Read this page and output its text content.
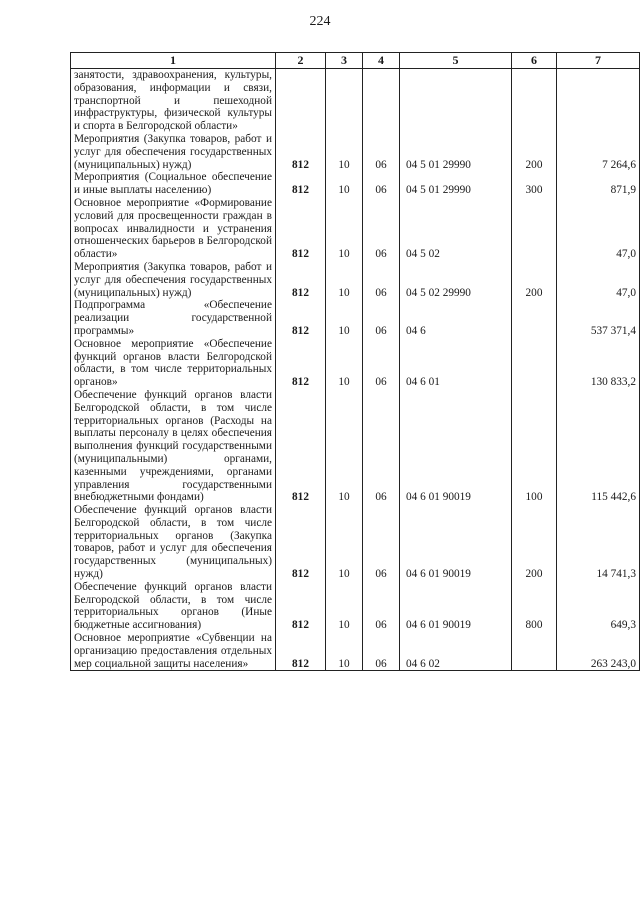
224
1	2	3	4	5	6	7
занятости, здравоохранения, культуры, образования, информации и связи, транспортной и пешеходной инфраструктуры, физической культуры и спорта в Белгородской области»						
Мероприятия (Закупка товаров, работ и услуг для обеспечения государственных (муниципальных) нужд)	812	10	06	04 5 01 29990	200	7 264,6
Мероприятия (Социальное обеспечение и иные выплаты населению)	812	10	06	04 5 01 29990	300	871,9
Основное мероприятие «Формирование условий для просвещенности граждан в вопросах инвалидности и устранения отношенческих барьеров в Белгородской области»	812	10	06	04 5 02		47,0
Мероприятия (Закупка товаров, работ и услуг для обеспечения государственных (муниципальных) нужд)	812	10	06	04 5 02 29990	200	47,0
Подпрограмма «Обеспечение реализации государственной программы»	812	10	06	04 6		537 371,4
Основное мероприятие «Обеспечение функций органов власти Белгородской области, в том числе территориальных органов»	812	10	06	04 6 01		130 833,2
Обеспечение функций органов власти Белгородской области, в том числе территориальных органов (Расходы на выплаты персоналу в целях обеспечения выполнения функций государственными (муниципальными) органами, казенными учреждениями, органами управления государственными внебюджетными фондами)	812	10	06	04 6 01 90019	100	115 442,6
Обеспечение функций органов власти Белгородской области, в том числе территориальных органов (Закупка товаров, работ и услуг для обеспечения государственных (муниципальных) нужд)	812	10	06	04 6 01 90019	200	14 741,3
Обеспечение функций органов власти Белгородской области, в том числе территориальных органов (Иные бюджетные ассигнования)	812	10	06	04 6 01 90019	800	649,3
Основное мероприятие «Субвенции на организацию предоставления отдельных мер социальной защиты населения»	812	10	06	04 6 02		263 243,0
